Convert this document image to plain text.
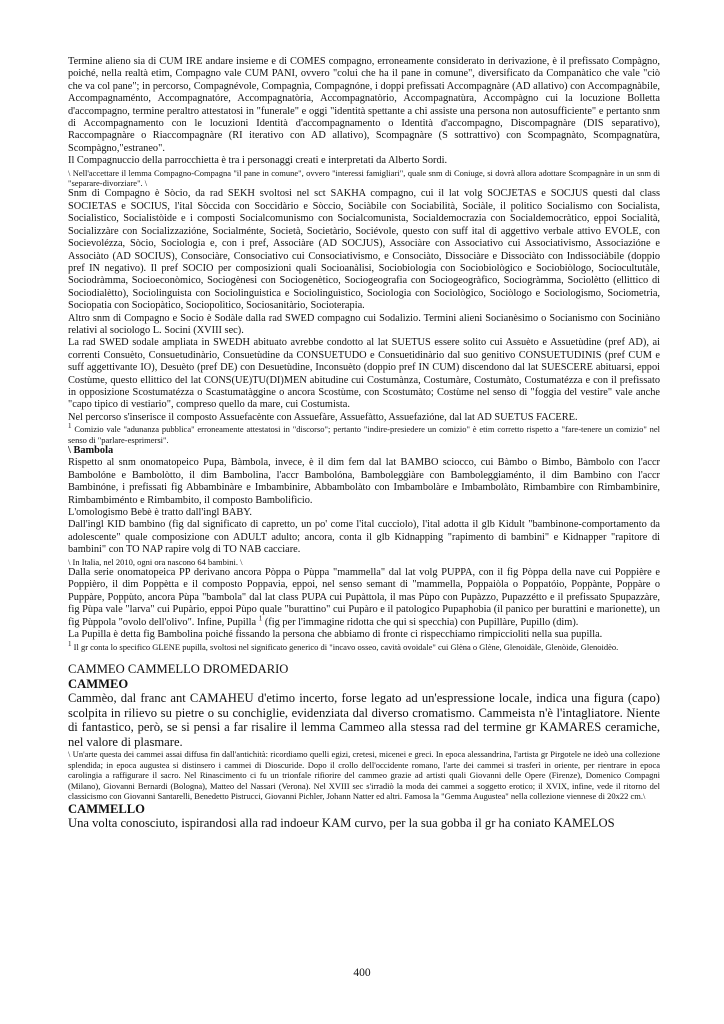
Termine alieno sia di CUM IRE andare insieme e di COMES compagno, erroneamente considerato in derivazione, è il prefissato Compàgno, poiché, nella realtà etim, Compagno vale CUM PANI, ovvero "colui che ha il pane in comune", diversificato da Companàtico che vale "ciò che va col pane"; in percorso, Compagnévole, Compagnìa, Compagnóne, i doppi prefissati Accompagnàre (AD allativo) con Accompagnàbile, Accompagnaménto, Accompagnatóre, Accompagnatòria, Accompagnatòrio, Accompagnatùra, Accompàgno cui la locuzione Bolletta d'accompagno, termine peraltro attestatosi in "funerale" e oggi "identità spettante a chi assiste una persona non autosufficiente" e pertanto snm di Accompagnamento con le locuzioni Identità d'accompagnamento o Identità d'accompagno, Discompagnàre (DIS separativo), Raccompagnàre o Riaccompagnàre (RI iterativo con AD allativo), Scompagnàre (S sottrattivo) con Scompagnàto, Scompagnatùra, Scompàgno,"estraneo".

Il Compagnuccio della parrocchietta è tra i personaggi creati e interpretati da Alberto Sordi.

\ Nell'accettare il lemma Compagno-Compagna "il pane in comune", ovvero "interessi famigliari", quale snm di Coniuge, si dovrà allora adottare Scompagnàre in un snm di "separare-divorziare". \

Snm di Compagno è Sòcio, da rad SEKH svoltosi nel sct SAKHA compagno, cui il lat volg SOCJETAS e SOCJUS questi dal class SOCIETAS e SOCIUS, l'ital Sòccida con Soccidàrio e Sòccio, Sociàbile con Sociabilità, Sociàle, il politico Socialismo con Socialista, Socialìstico, Socialistòide e i composti Socialcomunismo con Socialcomunista, Socialdemocrazia con Socialdemocràtico, eppoi Socialità, Socializzàre con Socializzazióne, Socialménte, Società, Societàrio, Sociévole, questo con suff ital di aggettivo verbale attivo EVOLE, con Socievolézza, Sòcio, Sociologia e, con i pref, Associàre (AD SOCJUS), Associàre con Associativo cui Associativismo, Associazióne e Associàto (AD SOCIUS), Consociàre, Consociativo cui Consociativismo, e Consociàto, Dissociàre e Dissociàto con Indissociàbile (doppio pref IN negativo). Il pref SOCIO per composizioni quali Socioanàlisi, Sociobiologia con Sociobiològico e Sociobiòlogo, Sociocultutàle, Sociodràmma, Socioeconòmico, Sociogènesi con Sociogenètico, Sociogeografia con Sociogeogràfico, Sociogràmma, Sociolètto (ellittico di Sociodialètto), Sociolinguista con Sociolinguistica e Sociolinguìstico, Sociologia con Sociològico, Sociòlogo e Sociologismo, Sociometria, Sociopatia con Sociopàtico, Sociopolìtico, Sociosanitàrio, Socioterapia.

Altro snm di Compagno e Socio è Sodàle dalla rad SWED compagno cui Sodalìzio. Termini alieni Socianèsimo o Socianismo con Sociniàno relativi al sociologo L. Socini (XVIII sec).

La rad SWED sodale ampliata in SWEDH abituato avrebbe condotto al lat SUETUS essere solito cui Assuèto e Assuetùdine (pref AD), ai correnti Consuèto, Consuetudinàrio, Consuetùdine da CONSUETUDO e Consuetidinàrio dal suo genitivo CONSUETUDINIS (pref CUM e suff aggettivante IO), Desuèto (pref DE) con Desuetùdine, Inconsuèto (doppio pref IN CUM) discendono dal lat SUESCERE abituarsi, eppoi Costùme, questo ellittico del lat CONS(UE)TU(DI)MEN abitudine cui Costumànza, Costumàre, Costumàto, Costumatézza e con il prefissato in opposizione Scostumatézza o Scastumatàggine o ancora Scostùme, con Scostumàto; Costùme nel senso di "foggia del vestire" vale anche "capo tipico di vestiario", compreso quello da mare, cui Costumista.

Nel percorso s'inserisce il composto Assuefacènte con Assuefàre, Assuefàtto, Assuefazióne, dal lat AD SUETUS FACERE.

$^1$ Comizio vale "adunanza pubblica" erroneamente attestatosi in "discorso"; pertanto "indire-presiedere un comizio" è etim corretto rispetto a "fare-tenere un comizio" nel senso di "parlare-esprimersi".

\ Bambola

Rispetto al snm onomatopeico Pupa, Bàmbola, invece, è il dim fem dal lat BAMBO sciocco, cui Bàmbo o Bimbo, Bàmbolo con l'accr Bambolóne e Bambolòtto, il dim Bambolina, l'accr Bambolóna, Bamboleggiàre con Bamboleggiaménto, il dim Bambino con l'accr Bambinóne, i prefissati fig Abbambinàre e Imbambinire, Abbambolàto con Imbambolàre e Imbambolàto, Rimbambìre con Rimbambinire, Rimbambiménto e Rimbambito, il composto Bambolifìcio.

L'omologismo Bebè è tratto dall'ingl BABY.

Dall'ingl KID bambino (fig dal significato di capretto, un po' come l'ital cucciolo), l'ital adotta il glb Kidult "bambinone-comportamento da adolescente" quale composizione con ADULT adulto; ancora, conta il glb Kidnapping "rapimento di bambini" e Kidnapper "rapitore di bambini" con TO NAP rapire volg di TO NAB cacciare.

\ In Italia, nel 2010, ogni ora nascono 64 bambini. \

Dalla serie onomatopeica PP derivano ancora Pòppa o Pùppa "mammella" dal lat volg PUPPA, con il fig Pòppa della nave cui Poppière e Poppièro, il dim Poppètta e il composto Poppavia, eppoi, nel senso semant di "mammella, Poppaiòla o Poppatóio, Poppànte, Poppàre o Puppàre, Poppùto, ancora Pùpa "bambola" dal lat class PUPA cui Pupàttola, il mas Pùpo con Pupàzzo, Pupazzétto e il prefissato Spupazzàre, fig Pùpa vale "larva" cui Pupàrio, eppoi Pùpo quale "burattino" cui Pupàro e il patologico Pupaphobia (il panico per burattini e marionette), un fig Pùppola "ovolo dell'olivo". Infine, Pupilla $^1$ (fig per l'immagine ridotta che qui si specchia) con Pupillàre, Pupillo (dim).

La Pupilla è detta fig Bambolina poiché fissando la persona che abbiamo di fronte ci rispecchiamo rimpiccioliti nella sua pupilla.

$^1$ Il gr conta lo specifico GLENE pupilla, svoltosi nel significato generico di "incavo osseo, cavità ovoidale" cui Glèna o Glène, Glenoidàle, Glenòide, Glenoidèo.

CAMMEO CAMMELLO DROMEDARIO

CAMMEO

Cammèo, dal franc ant CAMAHEU d'etimo incerto, forse legato ad un'espressione locale, indica una figura (capo) scolpita in rilievo su pietre o su conchiglie, evidenziata dal diverso cromatismo. Cammeista n'è l'intagliatore. Niente di fantastico, però, se si pensi a far risalire il lemma Cammeo alla stessa rad del termine gr KAMARES ceramiche, nel valore di plasmare.

\ Un'arte questa dei cammei assai diffusa fin dall'antichità: ricordiamo quelli egizi, cretesi, micenei e greci. In epoca alessandrina, l'artista gr Pirgotele ne ideò una collezione splendida; in epoca augustea si distinsero i cammei di Dioscuride. Dopo il crollo dell'occidente romano, l'arte dei cammei si trasferì in oriente, per rientrare in epoca carolingia a raffigurare il sacro. Nel Rinascimento ci fu un trionfale rifiorire del cammeo grazie ad artisti quali Giovanni delle Opere (Firenze), Domenico Compagni (Milano), Giovanni Bernardi (Bologna), Matteo del Nassari (Verona). Nel XVIII sec s'irradiò la moda dei cammei a soggetto erotico; il XVIX, infine, vede il ritorno del classicismo con Giovanni Santarelli, Benedetto Pistrucci, Giovanni Pichler, Johann Natter ed altri. Famosa la "Gemma Augustea" nella collezione viennese di 20x22 cm.\

CAMMELLO

Una volta conosciuto, ispirandosi alla rad indoeur KAM curvo, per la sua gobba il gr ha coniato KAMELOS

400
